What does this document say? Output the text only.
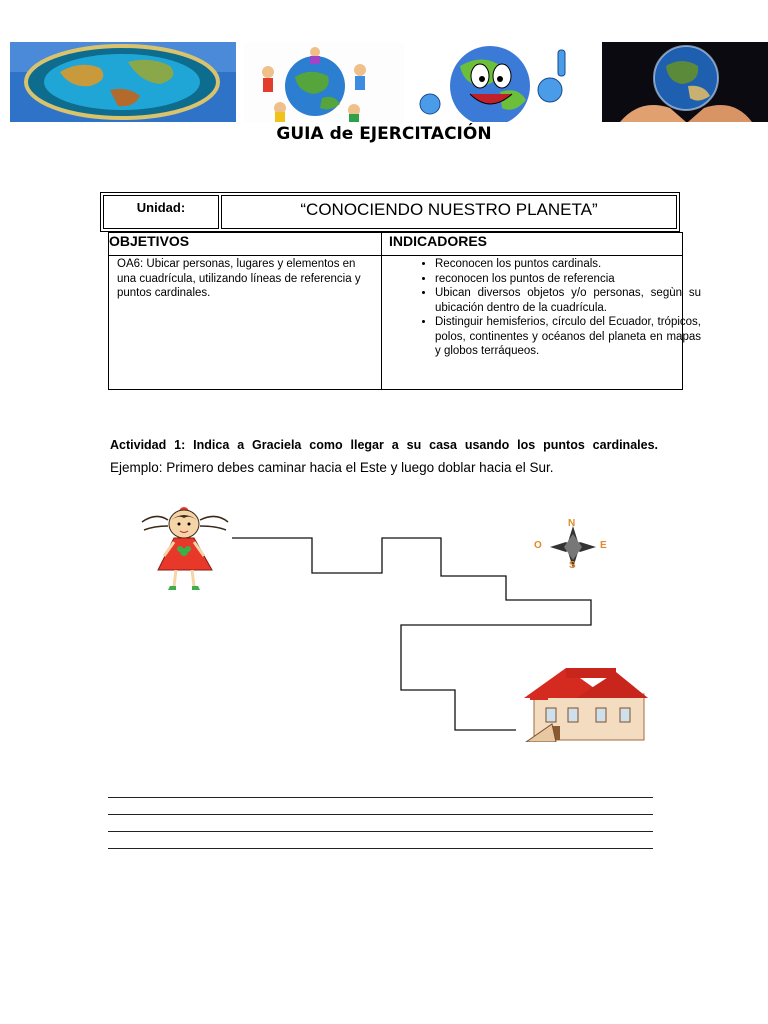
GUIA de EJERCITACIÓN
Unidad:	“CONOCIENDO NUESTRO PLANETA”
OBJETIVOS	INDICADORES
OA6: Ubicar personas, lugares y elementos en una cuadrícula, utilizando líneas de referencia y puntos cardinales.
• Reconocen los puntos cardinals.
• reconocen los puntos de referencia
• Ubican diversos objetos y/o personas, segùn su ubicación dentro de la cuadrícula.
• Distinguir hemisferios, círculo del Ecuador, trópicos, polos, continentes y océanos del planeta en mapas y globos terráqueos.
Actividad 1: Indica a Graciela como llegar a su casa usando los puntos cardinales.
Ejemplo: Primero debes caminar hacia el Este y luego doblar hacia el Sur.
N
S
E
O
